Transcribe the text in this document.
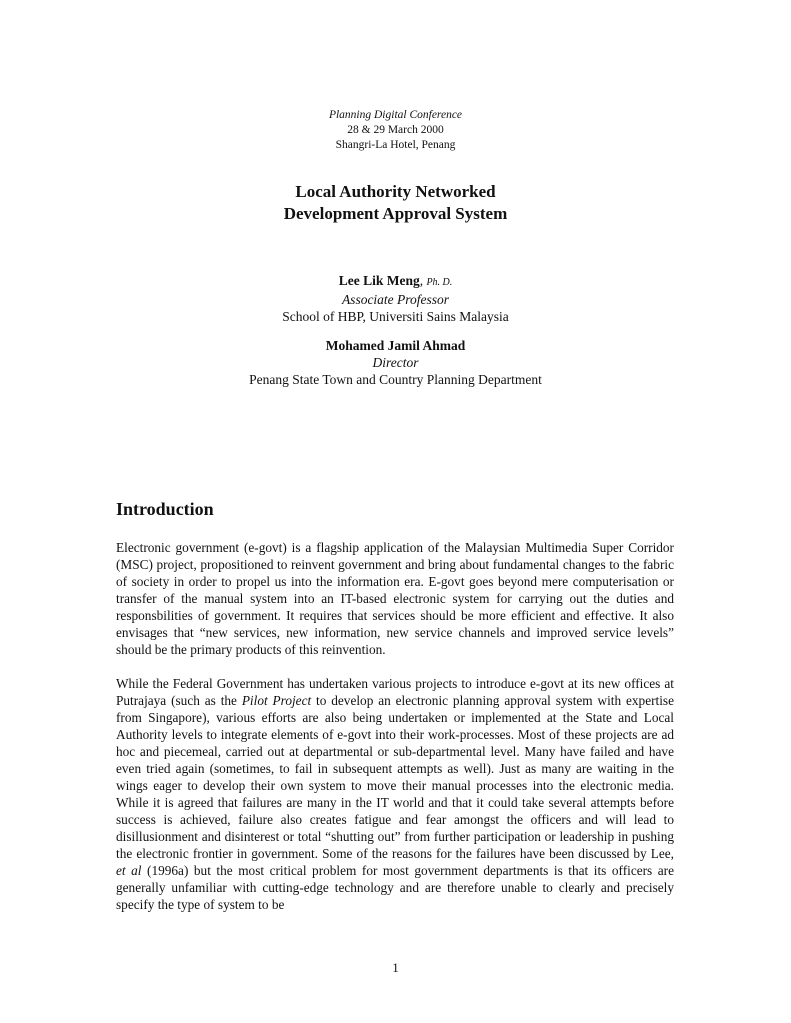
Planning Digital Conference
28 & 29 March 2000
Shangri-La Hotel, Penang
Local Authority Networked
Development Approval System
Lee Lik Meng, Ph. D.
Associate Professor
School of HBP, Universiti Sains Malaysia
Mohamed Jamil Ahmad
Director
Penang State Town and Country Planning Department
Introduction

Electronic government (e-govt) is a flagship application of the Malaysian Multimedia Super Corridor (MSC) project, propositioned to reinvent government and bring about fundamental changes to the fabric of society in order to propel us into the information era. E-govt goes beyond mere computerisation or transfer of the manual system into an IT-based electronic system for carrying out the duties and responsbilities of government. It requires that services should be more efficient and effective. It also envisages that “new services, new information, new service channels and improved service levels” should be the primary products of this reinvention.

While the Federal Government has undertaken various projects to introduce e-govt at its new offices at Putrajaya (such as the Pilot Project to develop an electronic planning approval system with expertise from Singapore), various efforts are also being undertaken or implemented at the State and Local Authority levels to integrate elements of e-govt into their work-processes. Most of these projects are ad hoc and piecemeal, carried out at departmental or sub-departmental level. Many have failed and have even tried again (sometimes, to fail in subsequent attempts as well). Just as many are waiting in the wings eager to develop their own system to move their manual processes into the electronic media. While it is agreed that failures are many in the IT world and that it could take several attempts before success is achieved, failure also creates fatigue and fear amongst the officers and will lead to disillusionment and disinterest or total “shutting out” from further participation or leadership in pushing the electronic frontier in government. Some of the reasons for the failures have been discussed by Lee, et al (1996a) but the most critical problem for most government departments is that its officers are generally unfamiliar with cutting-edge technology and are therefore unable to clearly and precisely specify the type of system to be

1
